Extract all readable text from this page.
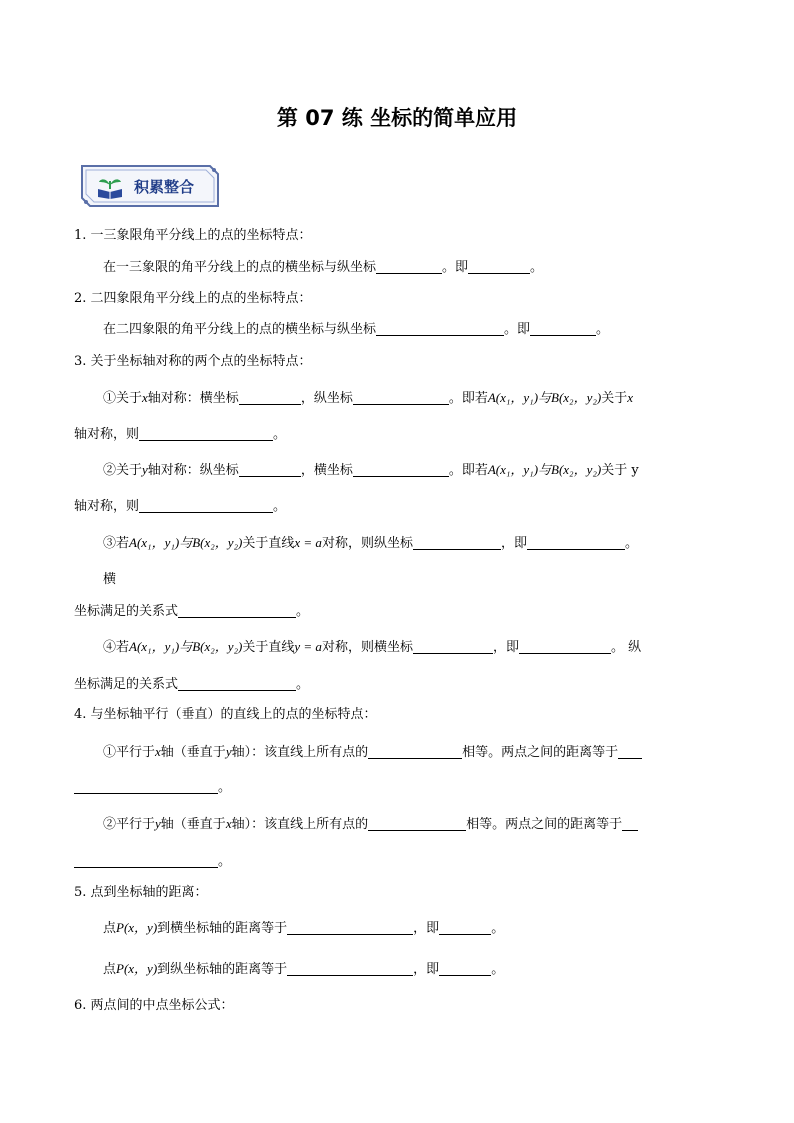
第 07 练 坐标的简单应用
积累整合
1. 一三象限角平分线上的点的坐标特点：
在一三象限的角平分线上的点的横坐标与纵坐标	。即	。
2. 二四象限角平分线上的点的坐标特点：
在二四象限的角平分线上的点的横坐标与纵坐标	。即	。
3. 关于坐标轴对称的两个点的坐标特点：
①关于x轴对称：横坐标	，纵坐标	。即若A(x₁，y₁)与B(x₂，y₂)关于x
轴对称，则	。
②关于y轴对称：纵坐标	，横坐标	。即若A(x₁，y₁)与B(x₂，y₂)关于 y
轴对称，则	。
③若A(x₁，y₁)与B(x₂，y₂)关于直线x = a对称，则纵坐标	，即	。
横
坐标满足的关系式	。
④若A(x₁，y₁)与B(x₂，y₂)关于直线y = a对称，则横坐标	，即	。 纵
坐标满足的关系式	。
4. 与坐标轴平行（垂直）的直线上的点的坐标特点：
①平行于x轴（垂直于y轴）：该直线上所有点的	相等。两点之间的距离等于
。
②平行于y轴（垂直于x轴）：该直线上所有点的	相等。两点之间的距离等于
。
5. 点到坐标轴的距离：
点P(x，y)到横坐标轴的距离等于	，即	。
点P(x，y)到纵坐标轴的距离等于	，即	。
6. 两点间的中点坐标公式：
